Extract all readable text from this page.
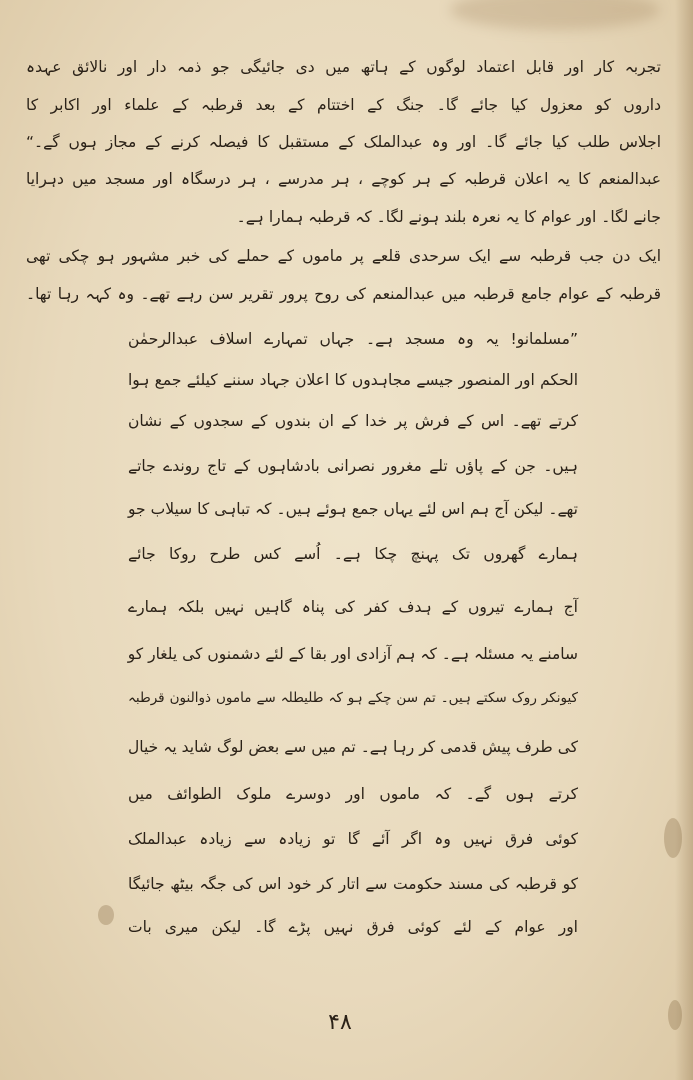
تجربہ کار اور قابل اعتماد لوگوں کے ہاتھ میں دی جائیگی جو ذمہ دار اور نالائق عہدہ
داروں کو معزول کیا جائے گا۔ جنگ کے اختتام کے بعد قرطبہ کے علماء اور اکابر کا
اجلاس طلب کیا جائے گا۔ اور وہ عبدالملک کے مستقبل کا فیصلہ کرنے کے مجاز ہوں گے۔“
عبدالمنعم کا یہ اعلان قرطبہ کے ہر کوچے ، ہر مدرسے ، ہر درسگاہ اور مسجد میں دہرایا
جانے لگا۔ اور عوام کا یہ نعرہ بلند ہونے لگا۔ کہ قرطبہ ہمارا ہے۔
ایک دن جب قرطبہ سے ایک سرحدی قلعے پر ماموں کے حملے کی خبر مشہور ہو چکی تھی
قرطبہ کے عوام جامع قرطبہ میں عبدالمنعم کی روح پرور تقریر سن رہے تھے۔ وہ کہہ رہا تھا۔
”مسلمانو! یہ وہ مسجد ہے۔ جہاں تمہارے اسلاف عبدالرحمٰن
الحکم اور المنصور جیسے مجاہدوں کا اعلان جہاد سننے کیلئے جمع ہوا
کرتے تھے۔ اس کے فرش پر خدا کے ان بندوں کے سجدوں کے نشان
ہیں۔ جن کے پاؤں تلے مغرور نصرانی بادشاہوں کے تاج روندے جاتے
تھے۔ لیکن آج ہم اس لئے یہاں جمع ہوئے ہیں۔ کہ تباہی کا سیلاب جو
ہمارے گھروں تک پہنچ چکا ہے۔ اُسے کس طرح روکا جائے
آج ہمارے تیروں کے ہدف کفر کی پناہ گاہیں نہیں بلکہ ہمارے
سامنے یہ مسئلہ ہے۔ کہ ہم آزادی اور بقا کے لئے دشمنوں کی یلغار کو
کیونکر روک سکتے ہیں۔ تم سن چکے ہو کہ طلیطلہ سے ماموں ذوالنون قرطبہ
کی طرف پیش قدمی کر رہا ہے۔ تم میں سے بعض لوگ شاید یہ خیال
کرتے ہوں گے۔ کہ ماموں اور دوسرے ملوک الطوائف میں
کوئی فرق نہیں وہ اگر آئے گا تو زیادہ سے زیادہ عبدالملک
کو قرطبہ کی مسند حکومت سے اتار کر خود اس کی جگہ بیٹھ جائیگا
اور عوام کے لئے کوئی فرق نہیں پڑے گا۔ لیکن میری بات
۴۸
